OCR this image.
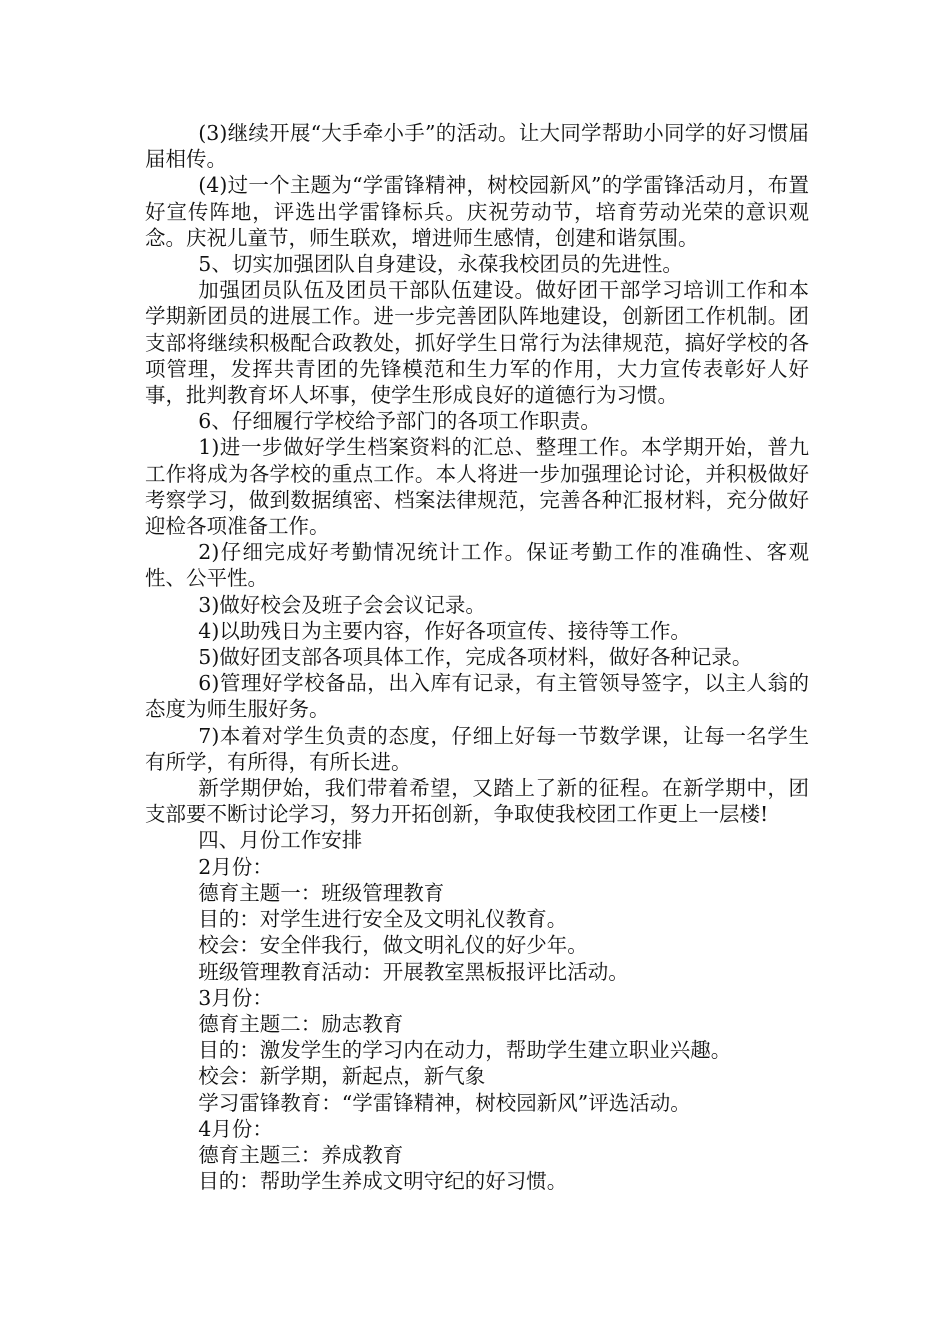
(3)继续开展“大手牵小手”的活动。让大同学帮助小同学的好习惯届届相传。

(4)过一个主题为“学雷锋精神，树校园新风”的学雷锋活动月，布置好宣传阵地，评选出学雷锋标兵。庆祝劳动节，培育劳动光荣的意识观念。庆祝儿童节，师生联欢，增进师生感情，创建和谐氛围。

5、切实加强团队自身建设，永葆我校团员的先进性。

加强团员队伍及团员干部队伍建设。做好团干部学习培训工作和本学期新团员的进展工作。进一步完善团队阵地建设，创新团工作机制。团支部将继续积极配合政教处，抓好学生日常行为法律规范，搞好学校的各项管理，发挥共青团的先锋模范和生力军的作用，大力宣传表彰好人好事，批判教育坏人坏事，使学生形成良好的道德行为习惯。

6、仔细履行学校给予部门的各项工作职责。

1)进一步做好学生档案资料的汇总、整理工作。本学期开始，普九工作将成为各学校的重点工作。本人将进一步加强理论讨论，并积极做好考察学习，做到数据缜密、档案法律规范，完善各种汇报材料，充分做好迎检各项准备工作。

2)仔细完成好考勤情况统计工作。保证考勤工作的准确性、客观性、公平性。

3)做好校会及班子会会议记录。

4)以助残日为主要内容，作好各项宣传、接待等工作。

5)做好团支部各项具体工作，完成各项材料，做好各种记录。

6)管理好学校备品，出入库有记录，有主管领导签字，以主人翁的态度为师生服好务。

7)本着对学生负责的态度，仔细上好每一节数学课，让每一名学生有所学，有所得，有所长进。

新学期伊始，我们带着希望，又踏上了新的征程。在新学期中，团支部要不断讨论学习，努力开拓创新，争取使我校团工作更上一层楼!

四、月份工作安排

2月份：

德育主题一：班级管理教育

目的：对学生进行安全及文明礼仪教育。

校会：安全伴我行，做文明礼仪的好少年。

班级管理教育活动：开展教室黑板报评比活动。

3月份：

德育主题二：励志教育

目的：激发学生的学习内在动力，帮助学生建立职业兴趣。

校会：新学期，新起点，新气象

学习雷锋教育：“学雷锋精神，树校园新风”评选活动。

4月份：

德育主题三：养成教育

目的：帮助学生养成文明守纪的好习惯。
